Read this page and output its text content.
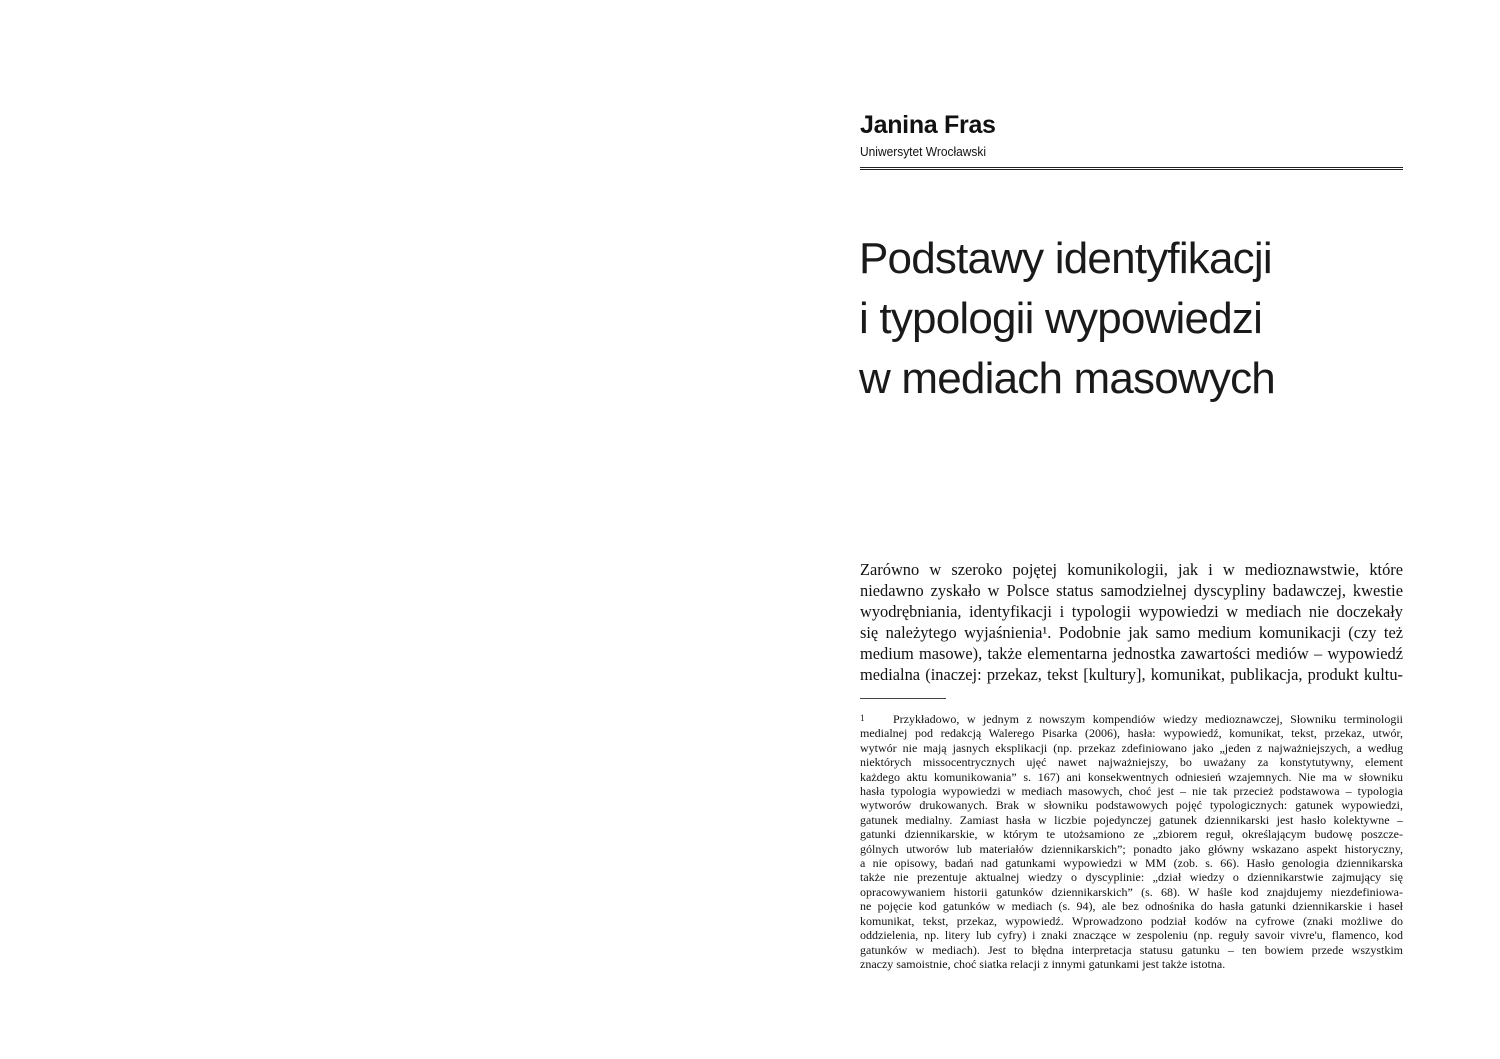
Janina Fras

Uniwersytet Wrocławski

Podstawy identyfikacji
i typologii wypowiedzi
w mediach masowych
Zarówno w szeroko pojętej komunikologii, jak i w medioznawstwie, które
niedawno zyskało w Polsce status samodzielnej dyscypliny badawczej, kwestie
wyodrębniania, identyfikacji i typologii wypowiedzi w mediach nie doczekały
się należytego wyjaśnienia¹. Podobnie jak samo medium komunikacji (czy też
medium masowe), także elementarna jednostka zawartości mediów – wypowiedź
medialna (inaczej: przekaz, tekst [kultury], komunikat, publikacja, produkt kultu-
1 Przykładowo, w jednym z nowszym kompendiów wiedzy medioznawczej, Słowniku terminologii
medialnej pod redakcją Walerego Pisarka (2006), hasła: wypowiedź, komunikat, tekst, przekaz, utwór,
wytwór nie mają jasnych eksplikacji (np. przekaz zdefiniowano jako „jeden z najważniejszych, a według
niektórych missocentrycznych ujęć nawet najważniejszy, bo uważany za konstytutywny, element
każdego aktu komunikowania” s. 167) ani konsekwentnych odniesień wzajemnych. Nie ma w słowniku
hasła typologia wypowiedzi w mediach masowych, choć jest – nie tak przecież podstawowa – typologia
wytworów drukowanych. Brak w słowniku podstawowych pojęć typologicznych: gatunek wypowiedzi,
gatunek medialny. Zamiast hasła w liczbie pojedynczej gatunek dziennikarski jest hasło kolektywne –
gatunki dziennikarskie, w którym te utożsamiono ze „zbiorem reguł, określającym budowę poszcze-
gólnych utworów lub materiałów dziennikarskich”; ponadto jako główny wskazano aspekt historyczny,
a nie opisowy, badań nad gatunkami wypowiedzi w MM (zob. s. 66). Hasło genologia dziennikarska
także nie prezentuje aktualnej wiedzy o dyscyplinie: „dział wiedzy o dziennikarstwie zajmujący się
opracowywaniem historii gatunków dziennikarskich” (s. 68). W haśle kod znajdujemy niezdefiniowa-
ne pojęcie kod gatunków w mediach (s. 94), ale bez odnośnika do hasła gatunki dziennikarskie i haseł
komunikat, tekst, przekaz, wypowiedź. Wprowadzono podział kodów na cyfrowe (znaki możliwe do
oddzielenia, np. litery lub cyfry) i znaki znaczące w zespoleniu (np. reguły savoir vivre'u, flamenco, kod
gatunków w mediach). Jest to błędna interpretacja statusu gatunku – ten bowiem przede wszystkim
znaczy samoistnie, choć siatka relacji z innymi gatunkami jest także istotna.
